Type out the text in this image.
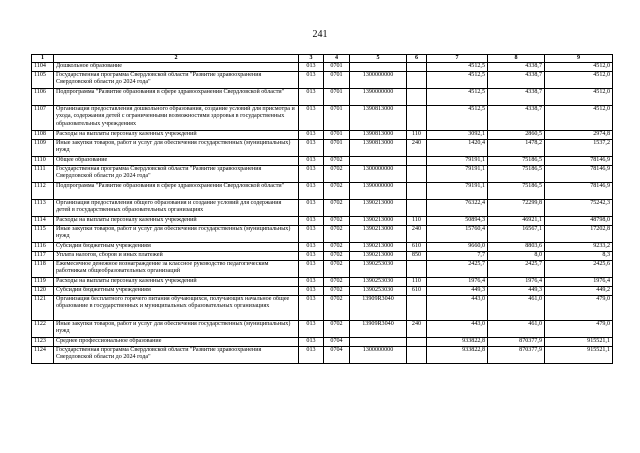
241
1	2	3	4	5	6	7	8	9
1104	Дошкольное образование	013	0701			4512,5	4338,7	4512,0
1105	Государственная программа Свердловской области "Развитие здравоохранения Свердловской области до 2024 года"	013	0701	1300000000		4512,5	4338,7	4512,0
1106	Подпрограмма "Развитие образования в сфере здравоохранения Свердловской области"	013	0701	1390000000		4512,5	4338,7	4512,0
1107	Организация предоставления дошкольного образования, создание условий для присмотра и ухода, содержания детей с ограниченными возможностями здоровья в государственных образовательных учреждениях	013	0701	1390813000		4512,5	4338,7	4512,0
1108	Расходы на выплаты персоналу казенных учреждений	013	0701	1390813000	110	3092,1	2860,5	2974,8
1109	Иные закупки товаров, работ и услуг для обеспечения государственных (муниципальных) нужд	013	0701	1390813000	240	1420,4	1478,2	1537,2
1110	Общее образование	013	0702			79191,1	75186,5	78146,9
1111	Государственная программа Свердловской области "Развитие здравоохранения Свердловской области до 2024 года"	013	0702	1300000000		79191,1	75186,5	78146,9
1112	Подпрограмма "Развитие образования в сфере здравоохранения Свердловской области"	013	0702	1390000000		79191,1	75186,5	78146,9
1113	Организация предоставления общего образования и создание условий для содержания детей в государственных образовательных организациях	013	0702	1390213000		76322,4	72299,8	75242,3
1114	Расходы на выплаты персоналу казенных учреждений	013	0702	1390213000	110	50894,3	46921,1	48798,0
1115	Иные закупки товаров, работ и услуг для обеспечения государственных (муниципальных) нужд	013	0702	1390213000	240	15760,4	16567,1	17202,8
1116	Субсидии бюджетным учреждениям	013	0702	1390213000	610	9660,0	8803,6	9233,2
1117	Уплата налогов, сборов и иных платежей	013	0702	1390213000	850	7,7	8,0	8,3
1118	Ежемесячное денежное вознаграждение за классное руководство педагогическим работникам общеобразовательных организаций	013	0702	1390253030		2425,7	2425,7	2425,6
1119	Расходы на выплаты персоналу казенных учреждений	013	0702	1390253030	110	1976,4	1976,4	1976,4
1120	Субсидии бюджетным учреждениям	013	0702	1390253030	610	449,3	449,3	449,2
1121	Организация бесплатного горячего питания обучающихся, получающих начальное общее образование в государственных и муниципальных образовательных организациях	013	0702	13909R3040		443,0	461,0	479,0
1122	Иные закупки товаров, работ и услуг для обеспечения государственных (муниципальных) нужд	013	0702	13909R3040	240	443,0	461,0	479,0
1123	Среднее профессиональное образование	013	0704			933822,8	870377,9	915521,1
1124	Государственная программа Свердловской области "Развитие здравоохранения Свердловской области до 2024 года"	013	0704	1300000000		933822,8	870377,9	915521,1
